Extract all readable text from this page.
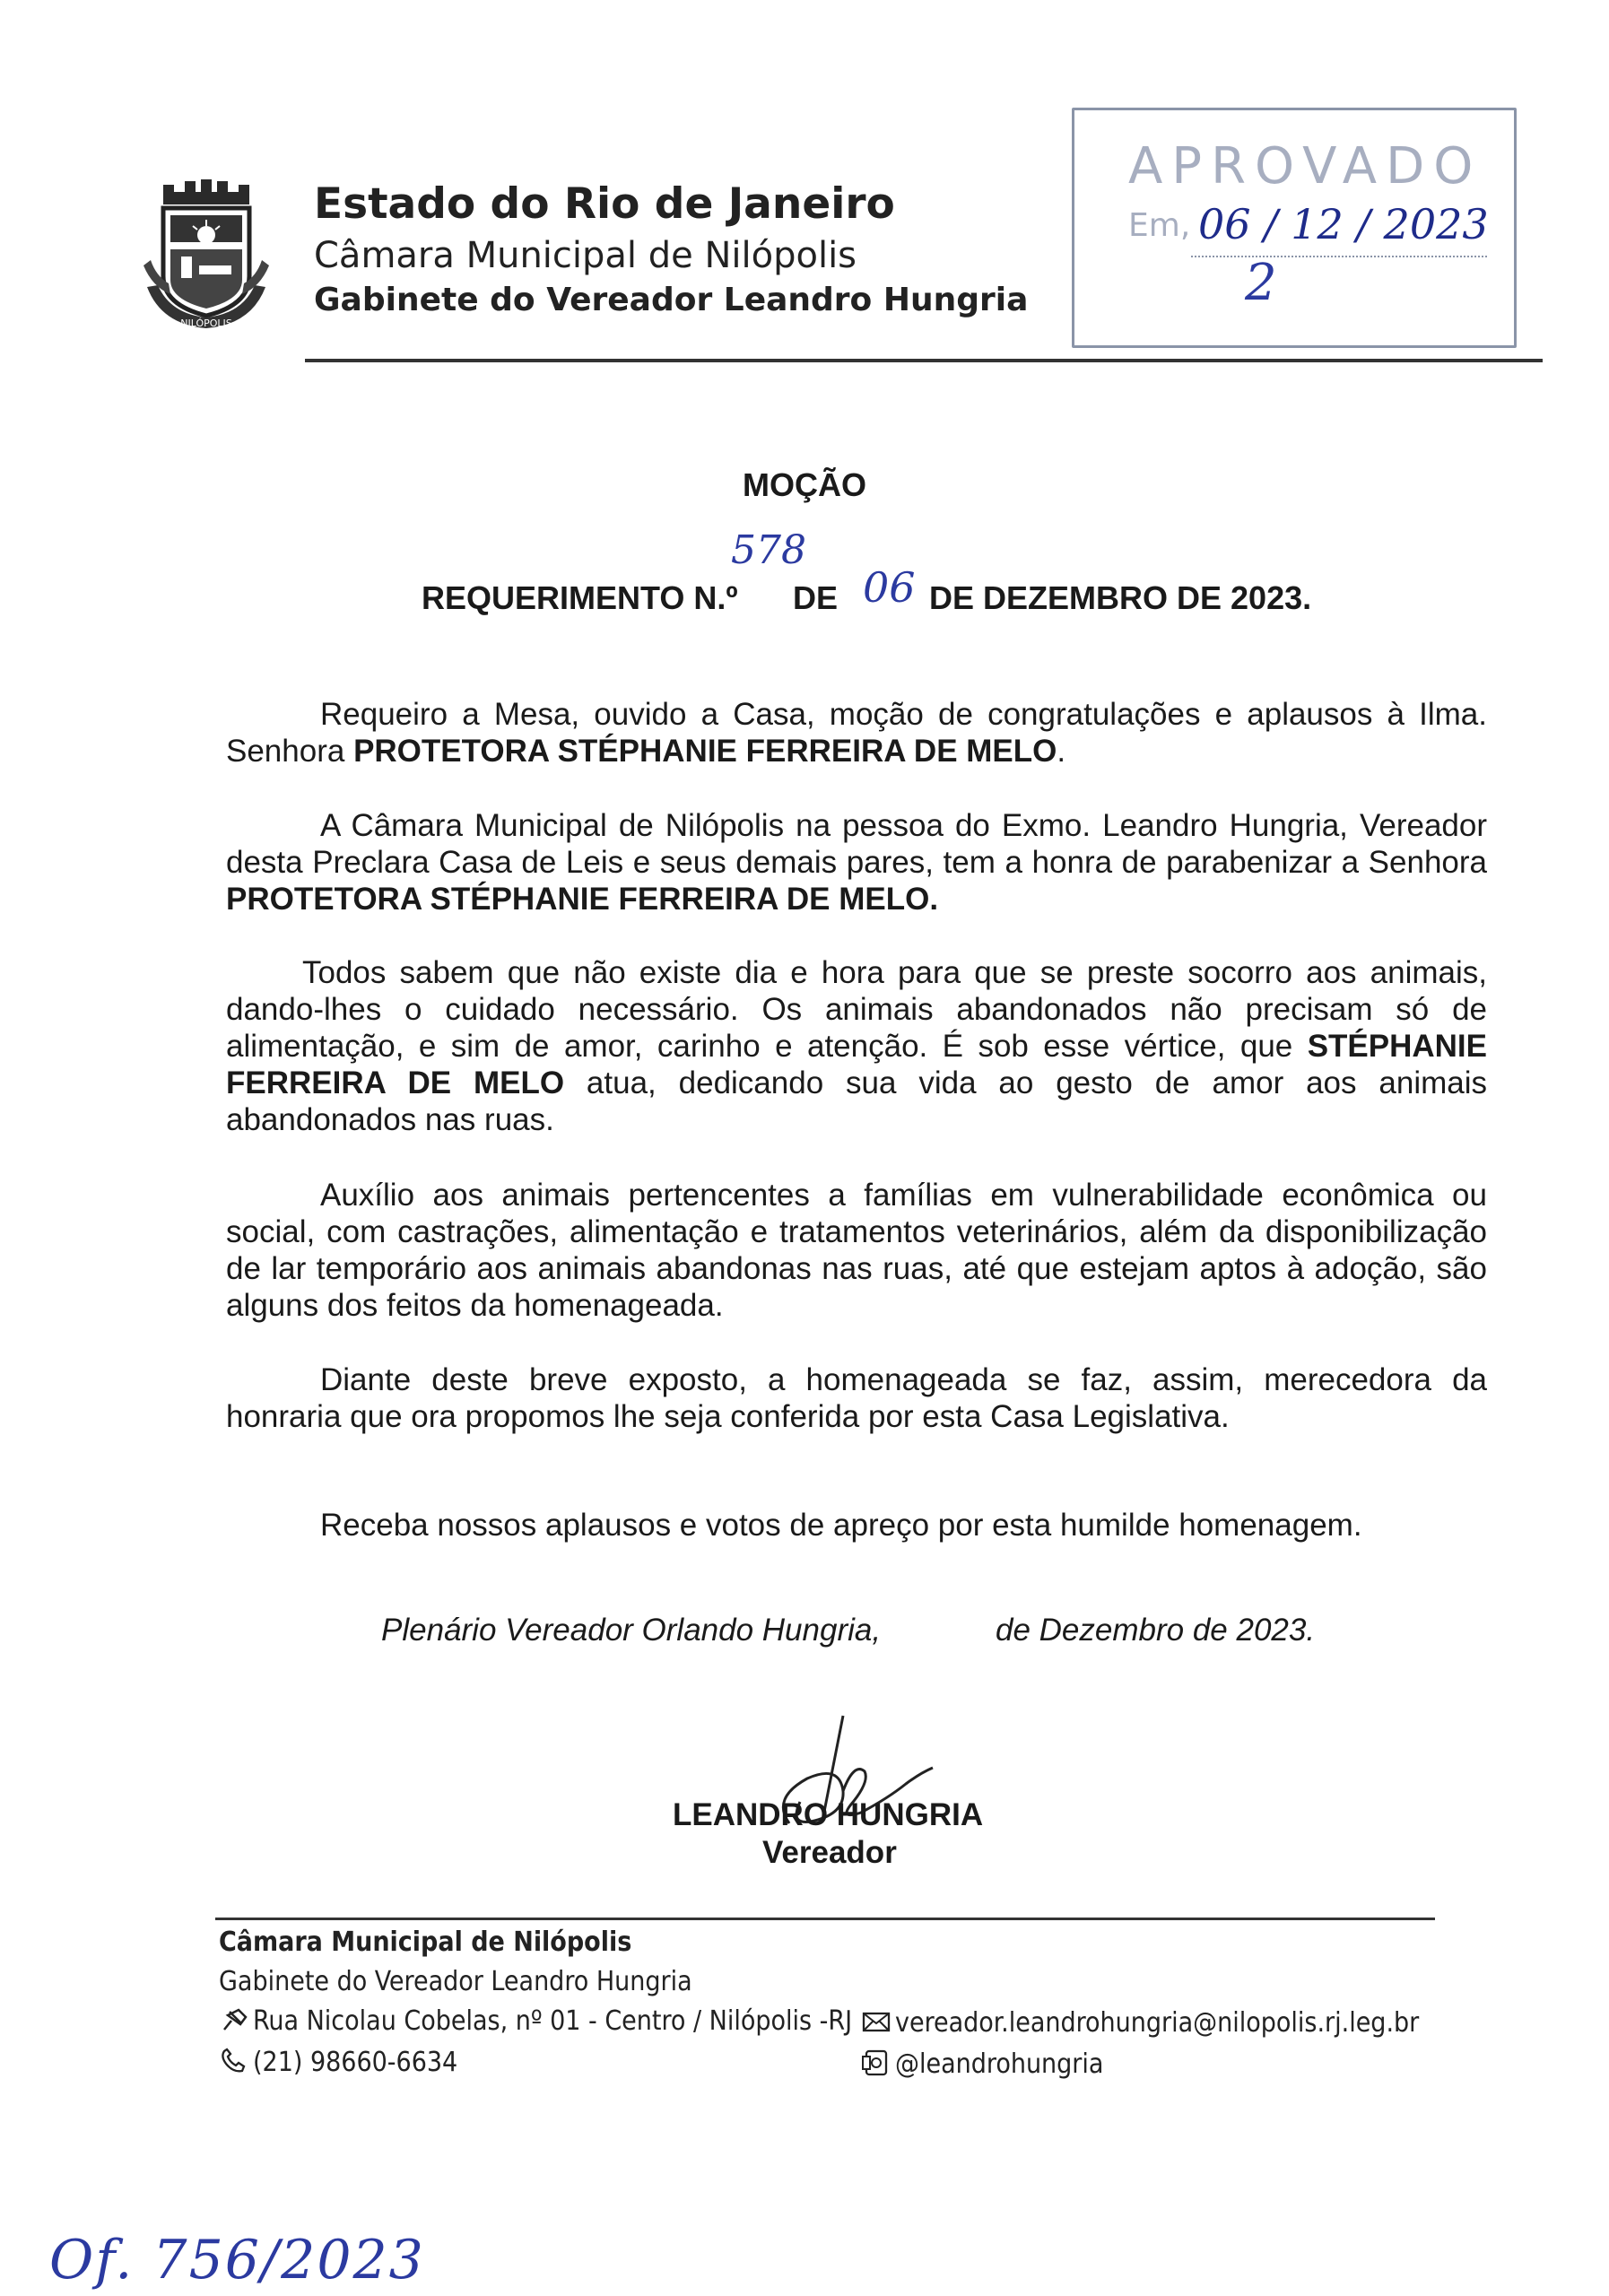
NILÓPOLIS
Estado do Rio de Janeiro
Câmara Municipal de Nilópolis
Gabinete do Vereador Leandro Hungria
APROVADO
Em, 06 / 12 / 2023
2
MOÇÃO
REQUERIMENTO N.º
578
DE 06 DE DEZEMBRO DE 2023.
Requeiro a Mesa, ouvido a Casa, moção de congratulações e aplausos à Ilma. Senhora PROTETORA STÉPHANIE FERREIRA DE MELO.
A Câmara Municipal de Nilópolis na pessoa do Exmo. Leandro Hungria, Vereador desta Preclara Casa de Leis e seus demais pares, tem a honra de parabenizar a Senhora PROTETORA STÉPHANIE FERREIRA DE MELO.
Todos sabem que não existe dia e hora para que se preste socorro aos animais, dando-lhes o cuidado necessário. Os animais abandonados não precisam só de alimentação, e sim de amor, carinho e atenção. É sob esse vértice, que STÉPHANIE FERREIRA DE MELO atua, dedicando sua vida ao gesto de amor aos animais abandonados nas ruas.
Auxílio aos animais pertencentes a famílias em vulnerabilidade econômica ou social, com castrações, alimentação e tratamentos veterinários, além da disponibilização de lar temporário aos animais abandonas nas ruas, até que estejam aptos à adoção, são alguns dos feitos da homenageada.
Diante deste breve exposto, a homenageada se faz, assim, merecedora da honraria que ora propomos lhe seja conferida por esta Casa Legislativa.
Receba nossos aplausos e votos de apreço por esta humilde homenagem.
Plenário Vereador Orlando Hungria,	de Dezembro de 2023.
LEANDRO HUNGRIA
Vereador
Câmara Municipal de Nilópolis
Gabinete do Vereador Leandro Hungria
Rua Nicolau Cobelas, nº 01 - Centro / Nilópolis -RJ
(21) 98660-6634
vereador.leandrohungria@nilopolis.rj.leg.br
@leandrohungria
Of. 756/2023
